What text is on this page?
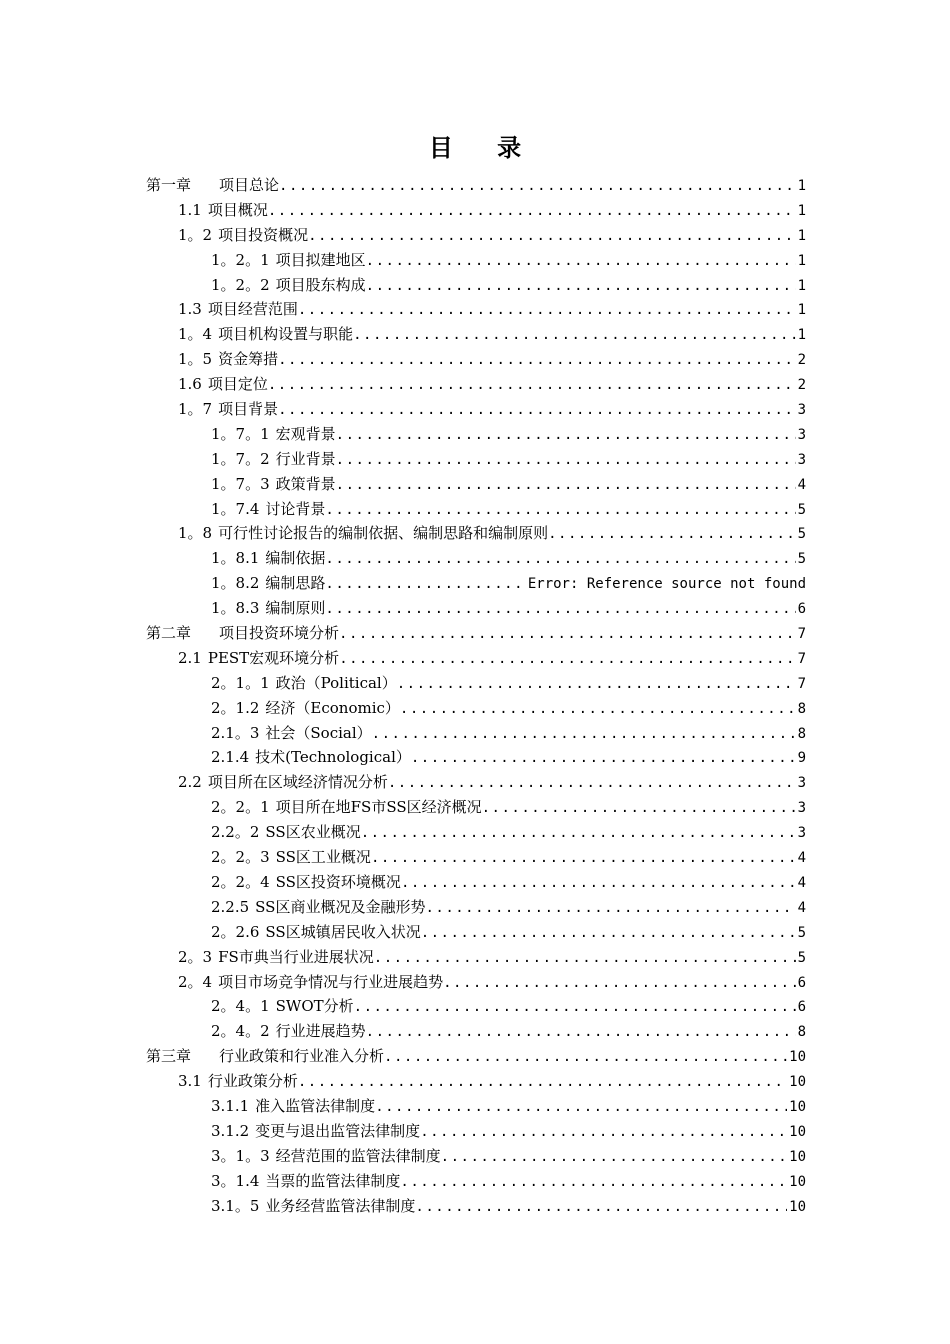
目 录
第一章 项目总论 .....	1
1.1 项目概况 .....	1
1。2 项目投资概况 .....	1
1。2。1 项目拟建地区 .....	1
1。2。2 项目股东构成 .....	1
1.3 项目经营范围 .....	1
1。4 项目机构设置与职能 .....	1
1。5 资金筹措 .....	2
1.6 项目定位 .....	2
1。7 项目背景 .....	3
1。7。1 宏观背景 .....	3
1。7。2 行业背景 .....	3
1。7。3 政策背景 .....	4
1。7.4 讨论背景 .....	5
1。8 可行性讨论报告的编制依据、编制思路和编制原则 .....	5
1。8.1 编制依据 .....	5
1。8.2 编制思路 .....	Error: Reference source not found
1。8.3 编制原则 .....	6
第二章 项目投资环境分析 .....	7
2.1 PEST宏观环境分析 .....	7
2。1。1 政治（Political） .....	7
2。1.2 经济（Economic） .....	8
2.1。3 社会（Social） .....	8
2.1.4 技术(Technological） .....	9
2.2 项目所在区域经济情况分析 .....	3
2。2。1 项目所在地FS市SS区经济概况 .....	3
2.2。2 SS区农业概况 .....	3
2。2。3 SS区工业概况 .....	4
2。2。4 SS区投资环境概况 .....	4
2.2.5 SS区商业概况及金融形势 .....	4
2。2.6 SS区城镇居民收入状况 .....	5
2。3 FS市典当行业进展状况 .....	5
2。4 项目市场竞争情况与行业进展趋势 .....	6
2。4。1 SWOT分析 .....	6
2。4。2 行业进展趋势 .....	8
第三章 行业政策和行业准入分析 .....	10
3.1 行业政策分析 .....	10
3.1.1 准入监管法律制度 .....	10
3.1.2 变更与退出监管法律制度 .....	10
3。1。3 经营范围的监管法律制度 .....	10
3。1.4 当票的监管法律制度 .....	10
3.1。5 业务经营监管法律制度 .....	10
